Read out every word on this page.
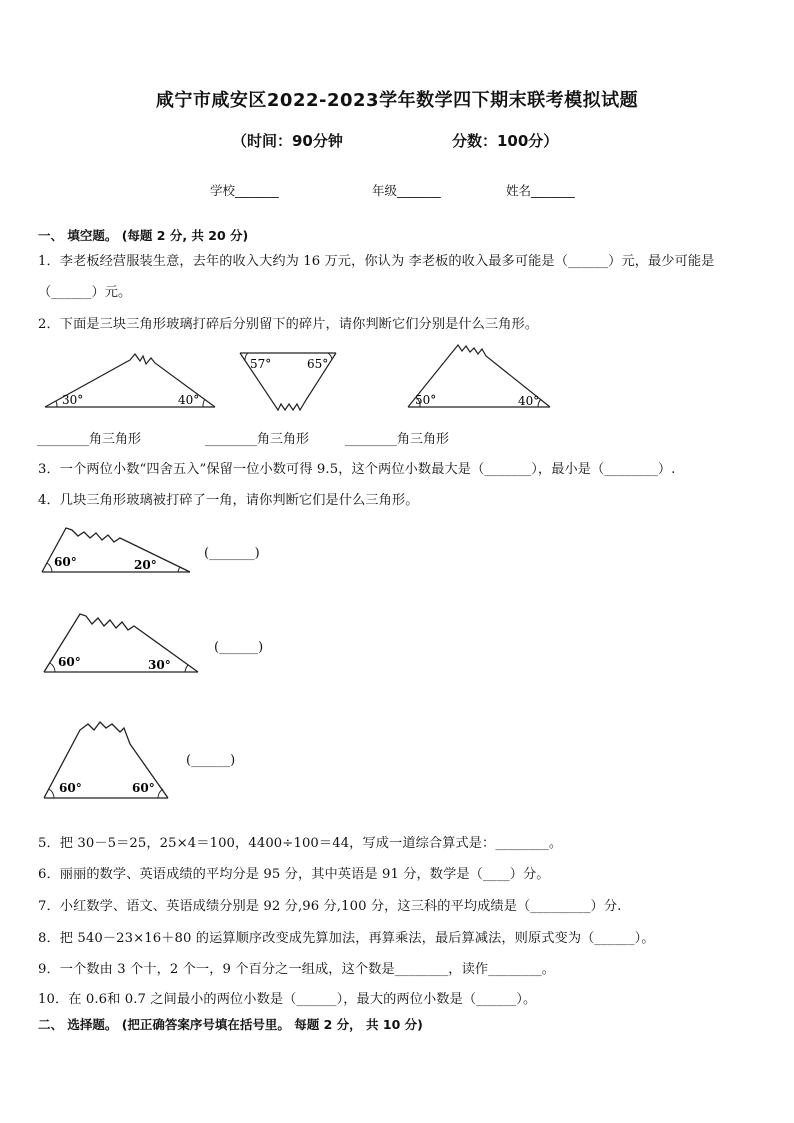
咸宁市咸安区2022-2023学年数学四下期末联考模拟试题
（时间：90分钟	分数：100分）
学校_______	年级_______	姓名_______
一、 填空题。 (每题 2 分, 共 20 分)
1．李老板经营服装生意，去年的收入大约为 16 万元，你认为 李老板的收入最多可能是（______）元，最少可能是
（______）元。
2．下面是三块三角形玻璃打碎后分别留下的碎片，请你判断它们分别是什么三角形。
30°	40°
57°	65°
50°	40°
________角三角形	________角三角形	________角三角形
3．一个两位小数“四舍五入”保留一位小数可得 9.5，这个两位小数最大是（_______），最小是（________）.
4．几块三角形玻璃被打碎了一角，请你判断它们是什么三角形。
60°	20°
(_______)
60°	30°
(______)
60°	60°
(______)
5．把 30－5＝25，25×4＝100，4400÷100＝44，写成一道综合算式是：________。
6．丽丽的数学、英语成绩的平均分是 95 分，其中英语是 91 分，数学是（____）分。
7．小红数学、语文、英语成绩分别是 92 分,96 分,100 分，这三科的平均成绩是（_________）分.
8．把 540－23×16＋80 的运算顺序改变成先算加法，再算乘法，最后算减法，则原式变为（______）。
9．一个数由 3 个十，2 个一，9 个百分之一组成，这个数是________，读作________。
10．在 0.6和 0.7 之间最小的两位小数是（______），最大的两位小数是（______）。
二、 选择题。 (把正确答案序号填在括号里。 每题 2 分， 共 10 分)
